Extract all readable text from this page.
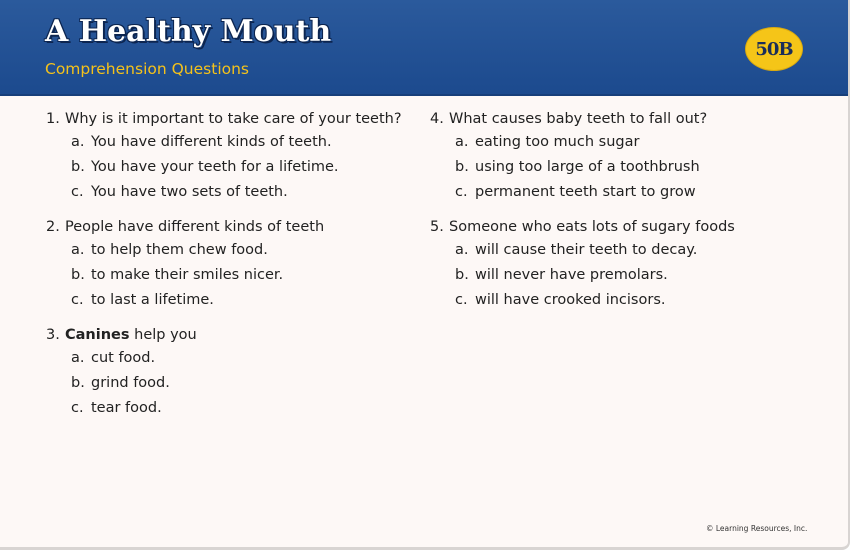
A Healthy Mouth
Comprehension Questions
50B
1. Why is it important to take care of your teeth?
a. You have different kinds of teeth.
b. You have your teeth for a lifetime.
c. You have two sets of teeth.
2. People have different kinds of teeth
a. to help them chew food.
b. to make their smiles nicer.
c. to last a lifetime.
3. Canines help you
a. cut food.
b. grind food.
c. tear food.
4. What causes baby teeth to fall out?
a. eating too much sugar
b. using too large of a toothbrush
c. permanent teeth start to grow
5. Someone who eats lots of sugary foods
a. will cause their teeth to decay.
b. will never have premolars.
c. will have crooked incisors.
© Learning Resources, Inc.
